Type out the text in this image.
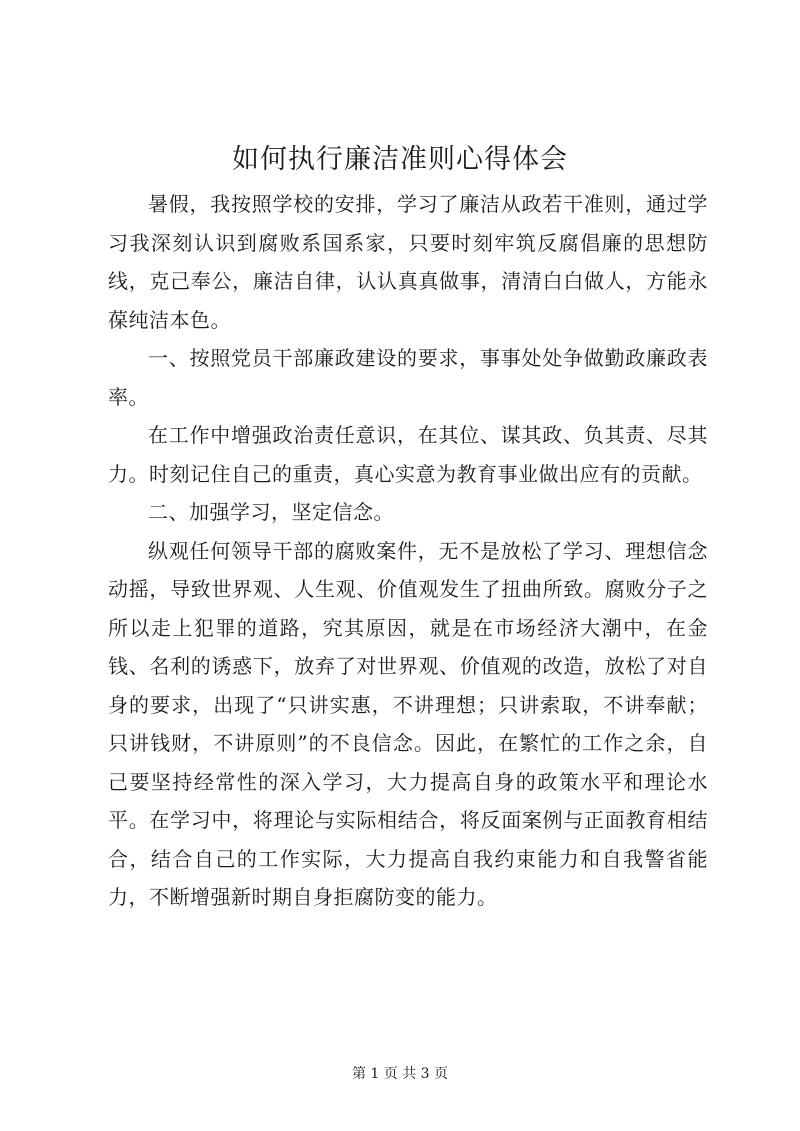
如何执行廉洁准则心得体会

暑假，我按照学校的安排，学习了廉洁从政若干准则，通过学习我深刻认识到腐败系国系家，只要时刻牢筑反腐倡廉的思想防线，克己奉公，廉洁自律，认认真真做事，清清白白做人，方能永葆纯洁本色。

一、按照党员干部廉政建设的要求，事事处处争做勤政廉政表率。

在工作中增强政治责任意识，在其位、谋其政、负其责、尽其力。时刻记住自己的重责，真心实意为教育事业做出应有的贡献。

二、加强学习，坚定信念。

纵观任何领导干部的腐败案件，无不是放松了学习、理想信念动摇，导致世界观、人生观、价值观发生了扭曲所致。腐败分子之所以走上犯罪的道路，究其原因，就是在市场经济大潮中，在金钱、名利的诱惑下，放弃了对世界观、价值观的改造，放松了对自身的要求，出现了“只讲实惠，不讲理想；只讲索取，不讲奉献；只讲钱财，不讲原则”的不良信念。因此，在繁忙的工作之余，自己要坚持经常性的深入学习，大力提高自身的政策水平和理论水平。在学习中，将理论与实际相结合，将反面案例与正面教育相结合，结合自己的工作实际，大力提高自我约束能力和自我警省能力，不断增强新时期自身拒腐防变的能力。

第 1 页 共 3 页
